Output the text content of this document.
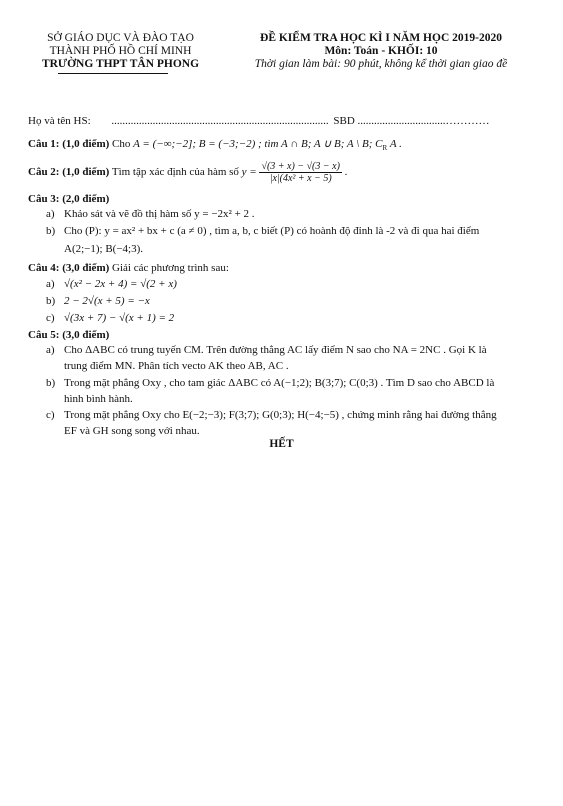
SỞ GIÁO DỤC VÀ ĐÀO TẠO
THÀNH PHỐ HỒ CHÍ MINH
TRƯỜNG THPT TÂN PHONG
ĐỀ KIỂM TRA HỌC KÌ I NĂM HỌC 2019-2020
Môn: Toán - KHỐI: 10
Thời gian làm bài: 90 phút, không kể thời gian giao đề
Họ và tên HS: ............................................................................... SBD ................................…………
Câu 1: (1,0 điểm) Cho A = (−∞;−2]; B = (−3;−2) ; tìm A ∩ B; A ∪ B; A \ B; $C_R$ A .
Câu 2: (1,0 điểm) Tìm tập xác định của hàm số $y = \frac{√(3 + x) - √(3 - x)}{\text{|x|(4x² + x − 5)}}$ .
Câu 3: (2,0 điểm)
a) Khảo sát và vẽ đồ thị hàm số y = −2x² + 2 .
b) Cho (P): y = ax² + bx + c (a ≠ 0) , tìm a, b, c biết (P) có hoành độ đỉnh là -2 và đi qua hai điểm
A(2;−1); B(−4;3).
Câu 4: (3,0 điểm) Giải các phương trình sau:
a) √(x² − 2x + 4) = √(2 + x)
b) 2 − 2√(x + 5) = −x
c) √(3x + 7) − √(x + 1) = 2
Câu 5: (3,0 điểm)
a) Cho ΔABC có trung tuyến CM. Trên đường thẳng AC lấy điểm N sao cho NA = 2NC . Gọi K là
trung điểm MN. Phân tích vecto AK theo AB, AC .
b) Trong mặt phẳng Oxy , cho tam giác ΔABC có A(−1;2); B(3;7); C(0;3) . Tìm D sao cho ABCD là
hình bình hành.
c) Trong mặt phẳng Oxy cho E(−2;−3); F(3;7); G(0;3); H(−4;−5) , chứng minh rằng hai đường thẳng
EF và GH song song với nhau.
HẾT
